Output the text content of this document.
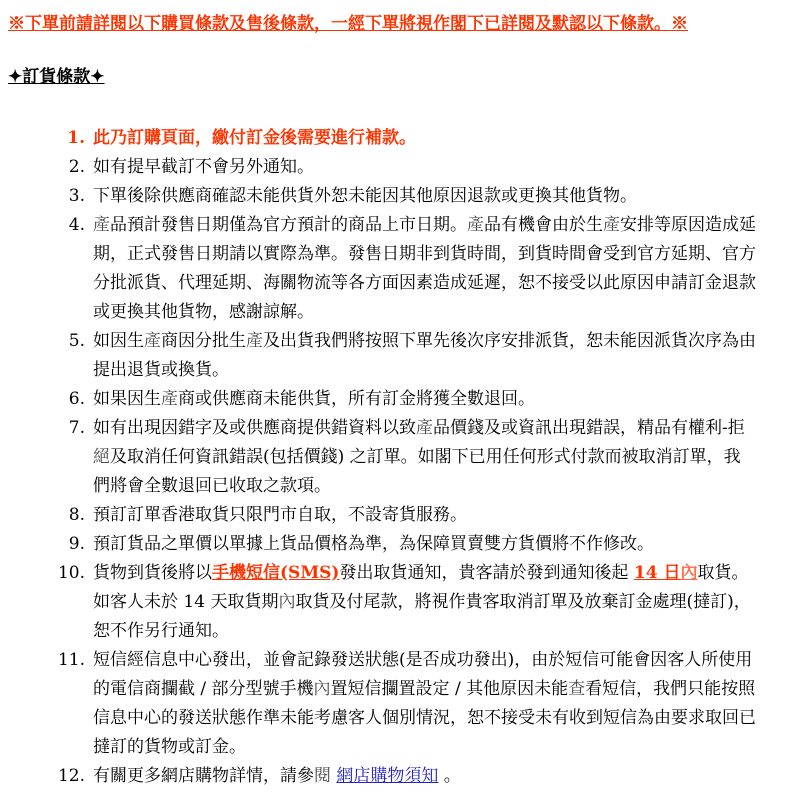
※下單前請詳閱以下購買條款及售後條款，一經下單將視作閣下已詳閱及默認以下條款。※

✦訂貨條款✦

1. 此乃訂購頁面，繳付訂金後需要進行補款。
2. 如有提早截訂不會另外通知。
3. 下單後除供應商確認未能供貨外恕未能因其他原因退款或更換其他貨物。
4. 產品預計發售日期僅為官方預計的商品上市日期。產品有機會由於生產安排等原因造成延期，正式發售日期請以實際為準。發售日期非到貨時間，到貨時間會受到官方延期、官方分批派貨、代理延期、海關物流等各方面因素造成延遲，恕不接受以此原因申請訂金退款或更換其他貨物，感謝諒解。
5. 如因生產商因分批生產及出貨我們將按照下單先後次序安排派貨，恕未能因派貨次序為由提出退貨或換貨。
6. 如果因生產商或供應商未能供貨，所有訂金將獲全數退回。
7. 如有出現因錯字及或供應商提供錯資料以致產品價錢及或資訊出現錯誤，精品有權利-拒絕及取消任何資訊錯誤(包括價錢) 之訂單。如閣下已用任何形式付款而被取消訂單，我們將會全數退回已收取之款項。
8. 預訂訂單香港取貨只限門市自取，不設寄貨服務。
9. 預訂貨品之單價以單據上貨品價格為準，為保障買賣雙方貨價將不作修改。
10. 貨物到貨後將以手機短信(SMS)發出取貨通知，貴客請於發到通知後起 14 日內取貨。如客人未於 14 天取貨期內取貨及付尾款，將視作貴客取消訂單及放棄訂金處理(撻訂)，恕不作另行通知。
11. 短信經信息中心發出，並會記錄發送狀態(是否成功發出)，由於短信可能會因客人所使用的電信商攔截 / 部分型號手機內置短信攔置設定 / 其他原因未能查看短信，我們只能按照信息中心的發送狀態作準未能考慮客人個別情況，恕不接受未有收到短信為由要求取回已撻訂的貨物或訂金。
12. 有關更多網店購物詳情，請參閱 網店購物須知 。
